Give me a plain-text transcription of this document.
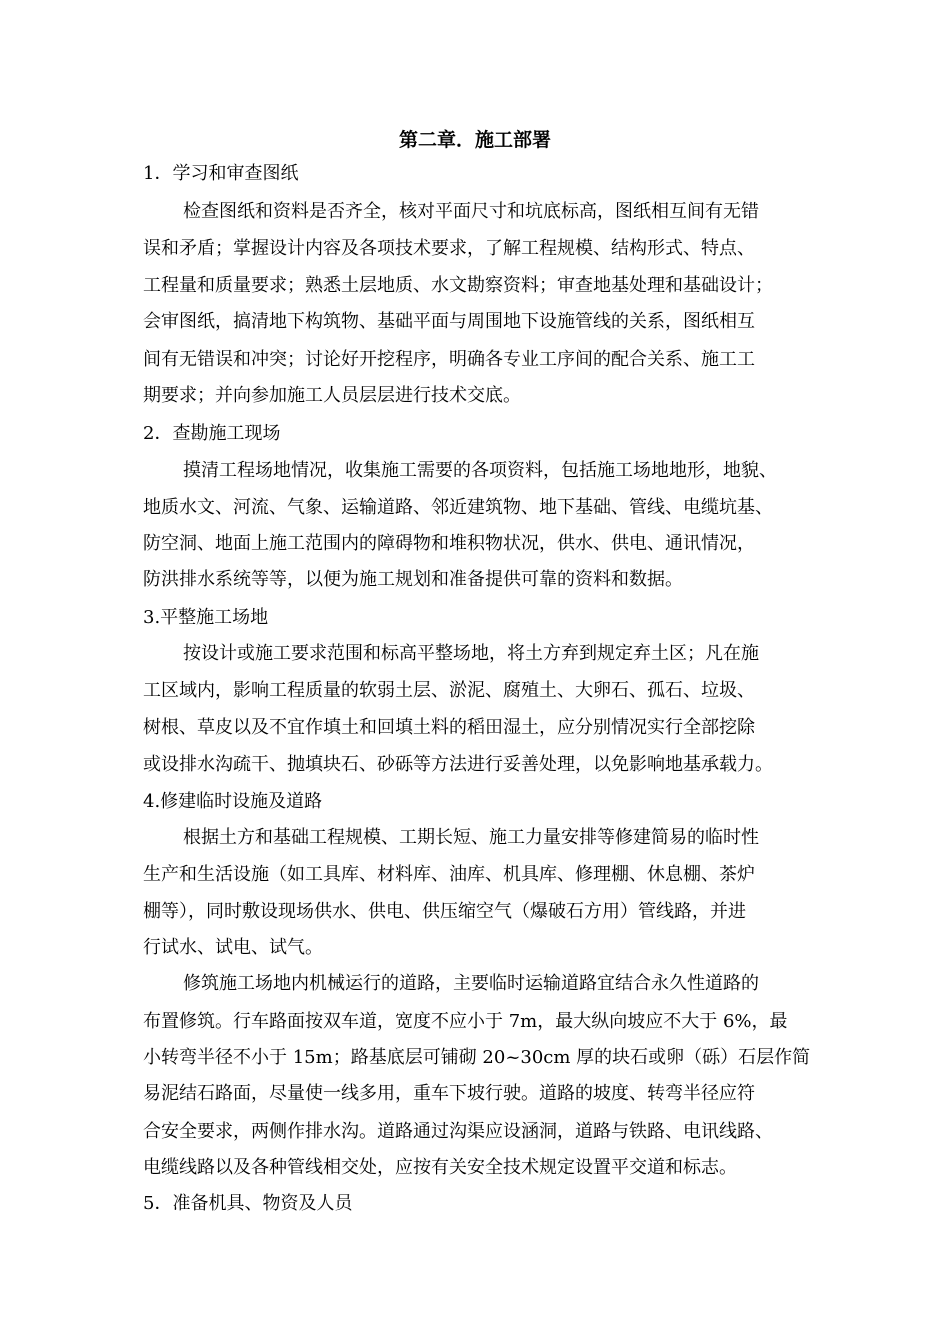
第二章．施工部署
1．学习和审查图纸
检查图纸和资料是否齐全，核对平面尺寸和坑底标高，图纸相互间有无错
误和矛盾；掌握设计内容及各项技术要求，了解工程规模、结构形式、特点、
工程量和质量要求；熟悉土层地质、水文勘察资料；审查地基处理和基础设计；
会审图纸，搞清地下构筑物、基础平面与周围地下设施管线的关系，图纸相互
间有无错误和冲突；讨论好开挖程序，明确各专业工序间的配合关系、施工工
期要求；并向参加施工人员层层进行技术交底。
2．查勘施工现场
摸清工程场地情况，收集施工需要的各项资料，包括施工场地地形，地貌、
地质水文、河流、气象、运输道路、邻近建筑物、地下基础、管线、电缆坑基、
防空洞、地面上施工范围内的障碍物和堆积物状况，供水、供电、通讯情况，
防洪排水系统等等，以便为施工规划和准备提供可靠的资料和数据。
3.平整施工场地
按设计或施工要求范围和标高平整场地，将土方弃到规定弃土区；凡在施
工区域内，影响工程质量的软弱土层、淤泥、腐殖土、大卵石、孤石、垃圾、
树根、草皮以及不宜作填土和回填土料的稻田湿土，应分别情况实行全部挖除
或设排水沟疏干、抛填块石、砂砾等方法进行妥善处理，以免影响地基承载力。
4.修建临时设施及道路
根据土方和基础工程规模、工期长短、施工力量安排等修建简易的临时性
生产和生活设施（如工具库、材料库、油库、机具库、修理棚、休息棚、茶炉
棚等），同时敷设现场供水、供电、供压缩空气（爆破石方用）管线路，并进
行试水、试电、试气。
修筑施工场地内机械运行的道路，主要临时运输道路宜结合永久性道路的
布置修筑。行车路面按双车道，宽度不应小于 7m，最大纵向坡应不大于 6%，最
小转弯半径不小于 15m；路基底层可铺砌 20~30cm 厚的块石或卵（砾）石层作简
易泥结石路面，尽量使一线多用，重车下坡行驶。道路的坡度、转弯半径应符
合安全要求，两侧作排水沟。道路通过沟渠应设涵洞，道路与铁路、电讯线路、
电缆线路以及各种管线相交处，应按有关安全技术规定设置平交道和标志。
5．准备机具、物资及人员
